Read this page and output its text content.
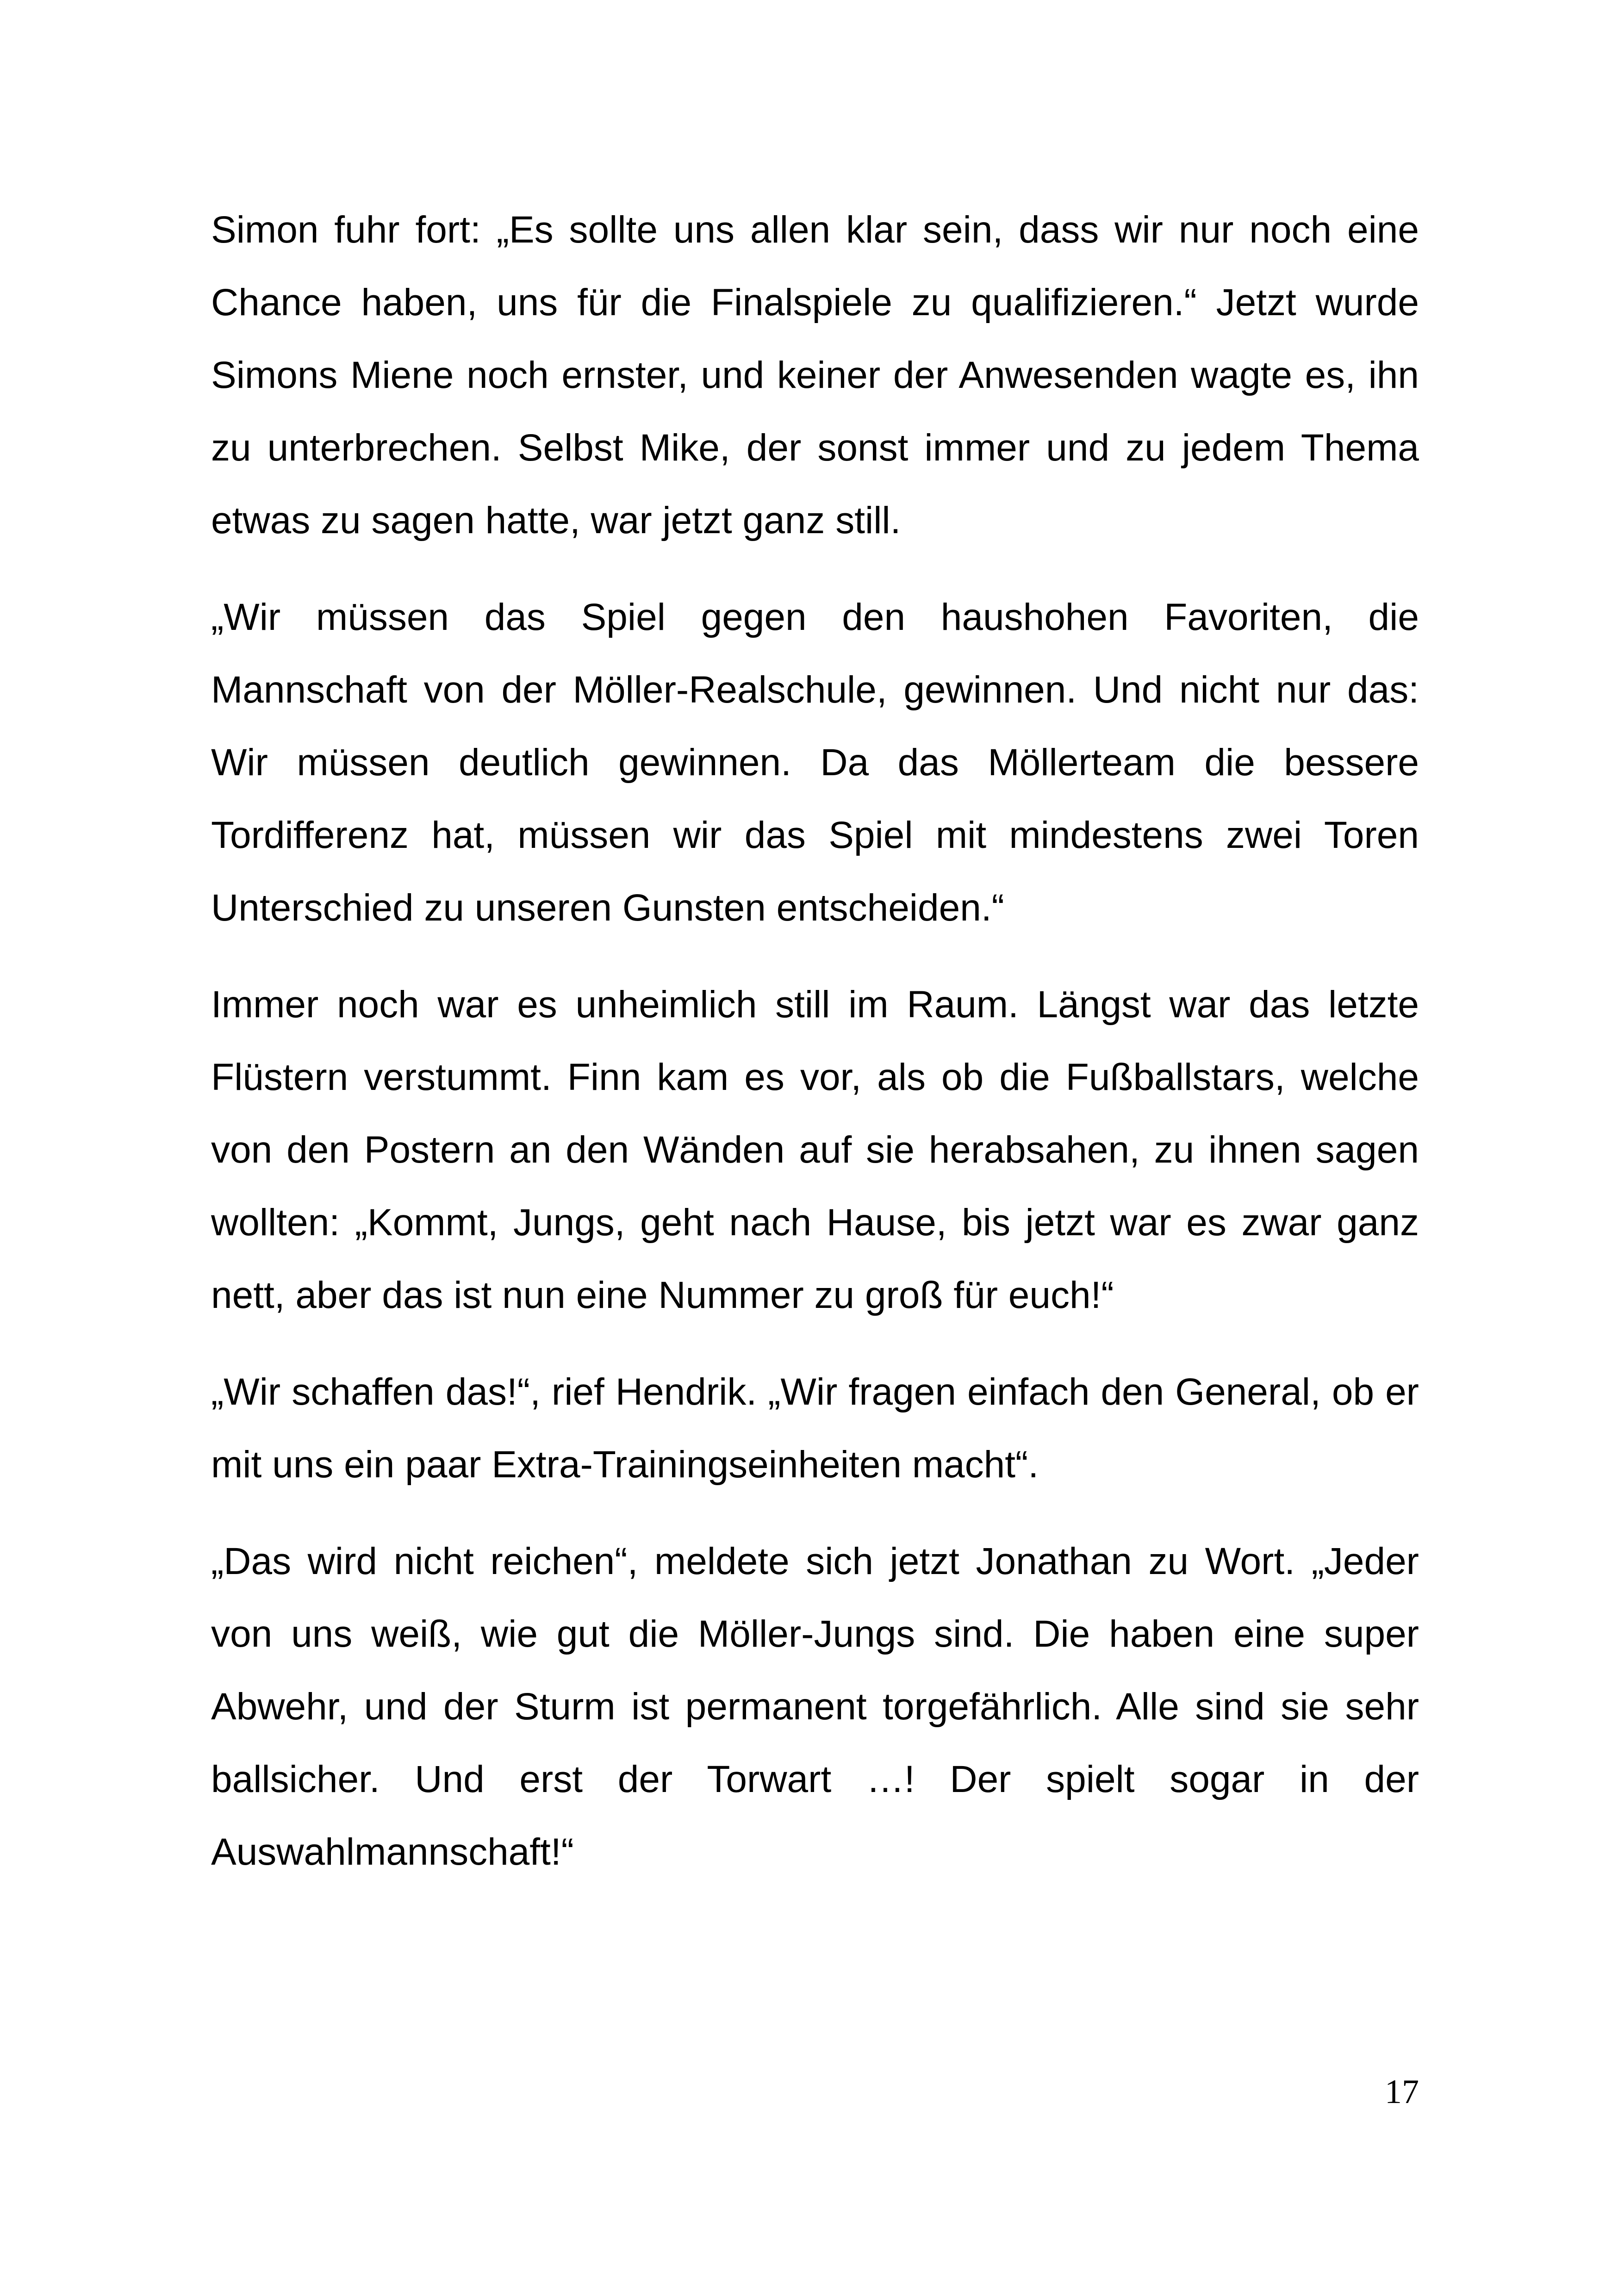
Simon fuhr fort: „Es sollte uns allen klar sein, dass wir nur noch eine Chance haben, uns für die Finalspiele zu qualifizieren.“ Jetzt wurde Simons Miene noch ernster, und keiner der Anwesenden wagte es, ihn zu unterbrechen. Selbst Mike, der sonst immer und zu jedem Thema etwas zu sagen hatte, war jetzt ganz still.

„Wir müssen das Spiel gegen den haushohen Favoriten, die Mannschaft von der Möller-Realschule, gewinnen. Und nicht nur das: Wir müssen deutlich gewinnen. Da das Möllerteam die bessere Tordifferenz hat, müssen wir das Spiel mit mindestens zwei Toren Unterschied zu unseren Gunsten entscheiden.“

Immer noch war es unheimlich still im Raum. Längst war das letzte Flüstern verstummt. Finn kam es vor, als ob die Fußballstars, welche von den Postern an den Wänden auf sie herabsahen, zu ihnen sagen wollten: „Kommt, Jungs, geht nach Hause, bis jetzt war es zwar ganz nett, aber das ist nun eine Nummer zu groß für euch!“

„Wir schaffen das!“, rief Hendrik. „Wir fragen einfach den General, ob er mit uns ein paar Extra-Trainingseinheiten macht“.

„Das wird nicht reichen“, meldete sich jetzt Jonathan zu Wort. „Jeder von uns weiß, wie gut die Möller-Jungs sind. Die haben eine super Abwehr, und der Sturm ist permanent torgefährlich. Alle sind sie sehr ballsicher. Und erst der Torwart …! Der spielt sogar in der Auswahlmannschaft!“

17
